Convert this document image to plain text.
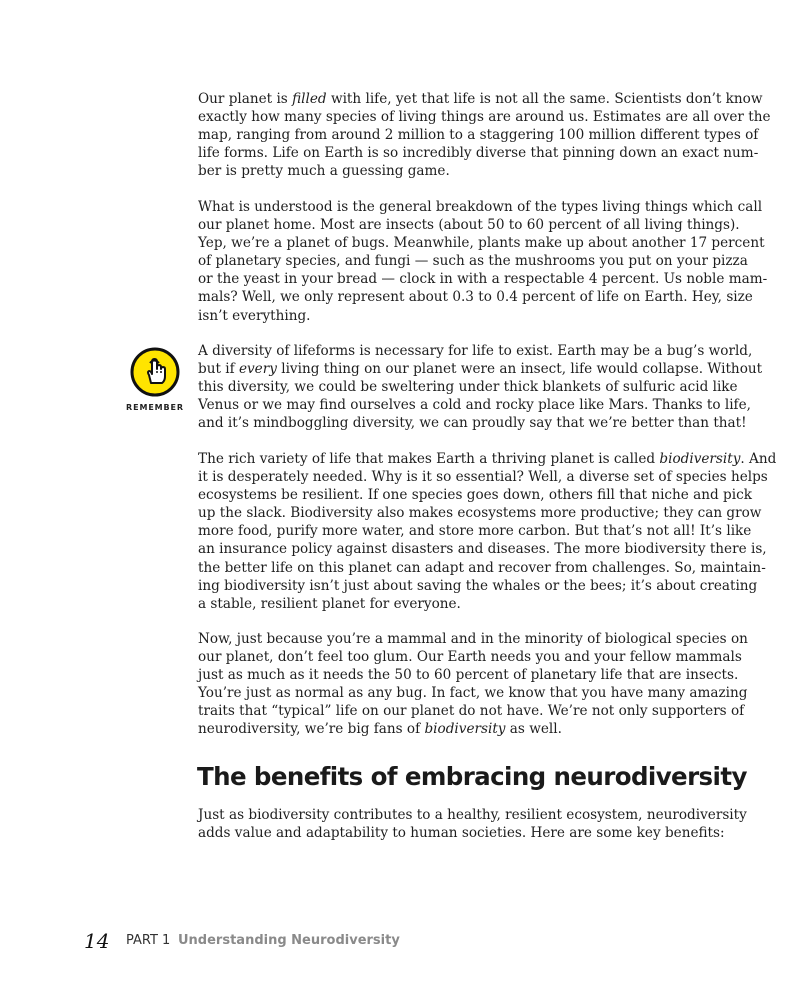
Our planet is filled with life, yet that life is not all the same. Scientists don’t know
exactly how many species of living things are around us. Estimates are all over the
map, ranging from around 2 million to a staggering 100 million different types of
life forms. Life on Earth is so incredibly diverse that pinning down an exact num-
ber is pretty much a guessing game.
What is understood is the general breakdown of the types living things which call
our planet home. Most are insects (about 50 to 60 percent of all living things).
Yep, we’re a planet of bugs. Meanwhile, plants make up about another 17 percent
of planetary species, and fungi — such as the mushrooms you put on your pizza
or the yeast in your bread — clock in with a respectable 4 percent. Us noble mam-
mals? Well, we only represent about 0.3 to 0.4 percent of life on Earth. Hey, size
isn’t everything.
REMEMBER
A diversity of lifeforms is necessary for life to exist. Earth may be a bug’s world,
but if every living thing on our planet were an insect, life would collapse. Without
this diversity, we could be sweltering under thick blankets of sulfuric acid like
Venus or we may find ourselves a cold and rocky place like Mars. Thanks to life,
and it’s mindboggling diversity, we can proudly say that we’re better than that!
The rich variety of life that makes Earth a thriving planet is called biodiversity. And
it is desperately needed. Why is it so essential? Well, a diverse set of species helps
ecosystems be resilient. If one species goes down, others fill that niche and pick
up the slack. Biodiversity also makes ecosystems more productive; they can grow
more food, purify more water, and store more carbon. But that’s not all! It’s like
an insurance policy against disasters and diseases. The more biodiversity there is,
the better life on this planet can adapt and recover from challenges. So, maintain-
ing biodiversity isn’t just about saving the whales or the bees; it’s about creating
a stable, resilient planet for everyone.
Now, just because you’re a mammal and in the minority of biological species on
our planet, don’t feel too glum. Our Earth needs you and your fellow mammals
just as much as it needs the 50 to 60 percent of planetary life that are insects.
You’re just as normal as any bug. In fact, we know that you have many amazing
traits that “typical” life on our planet do not have. We’re not only supporters of
neurodiversity, we’re big fans of biodiversity as well.
The benefits of embracing neurodiversity
Just as biodiversity contributes to a healthy, resilient ecosystem, neurodiversity
adds value and adaptability to human societies. Here are some key benefits:
14 PART 1 Understanding Neurodiversity
